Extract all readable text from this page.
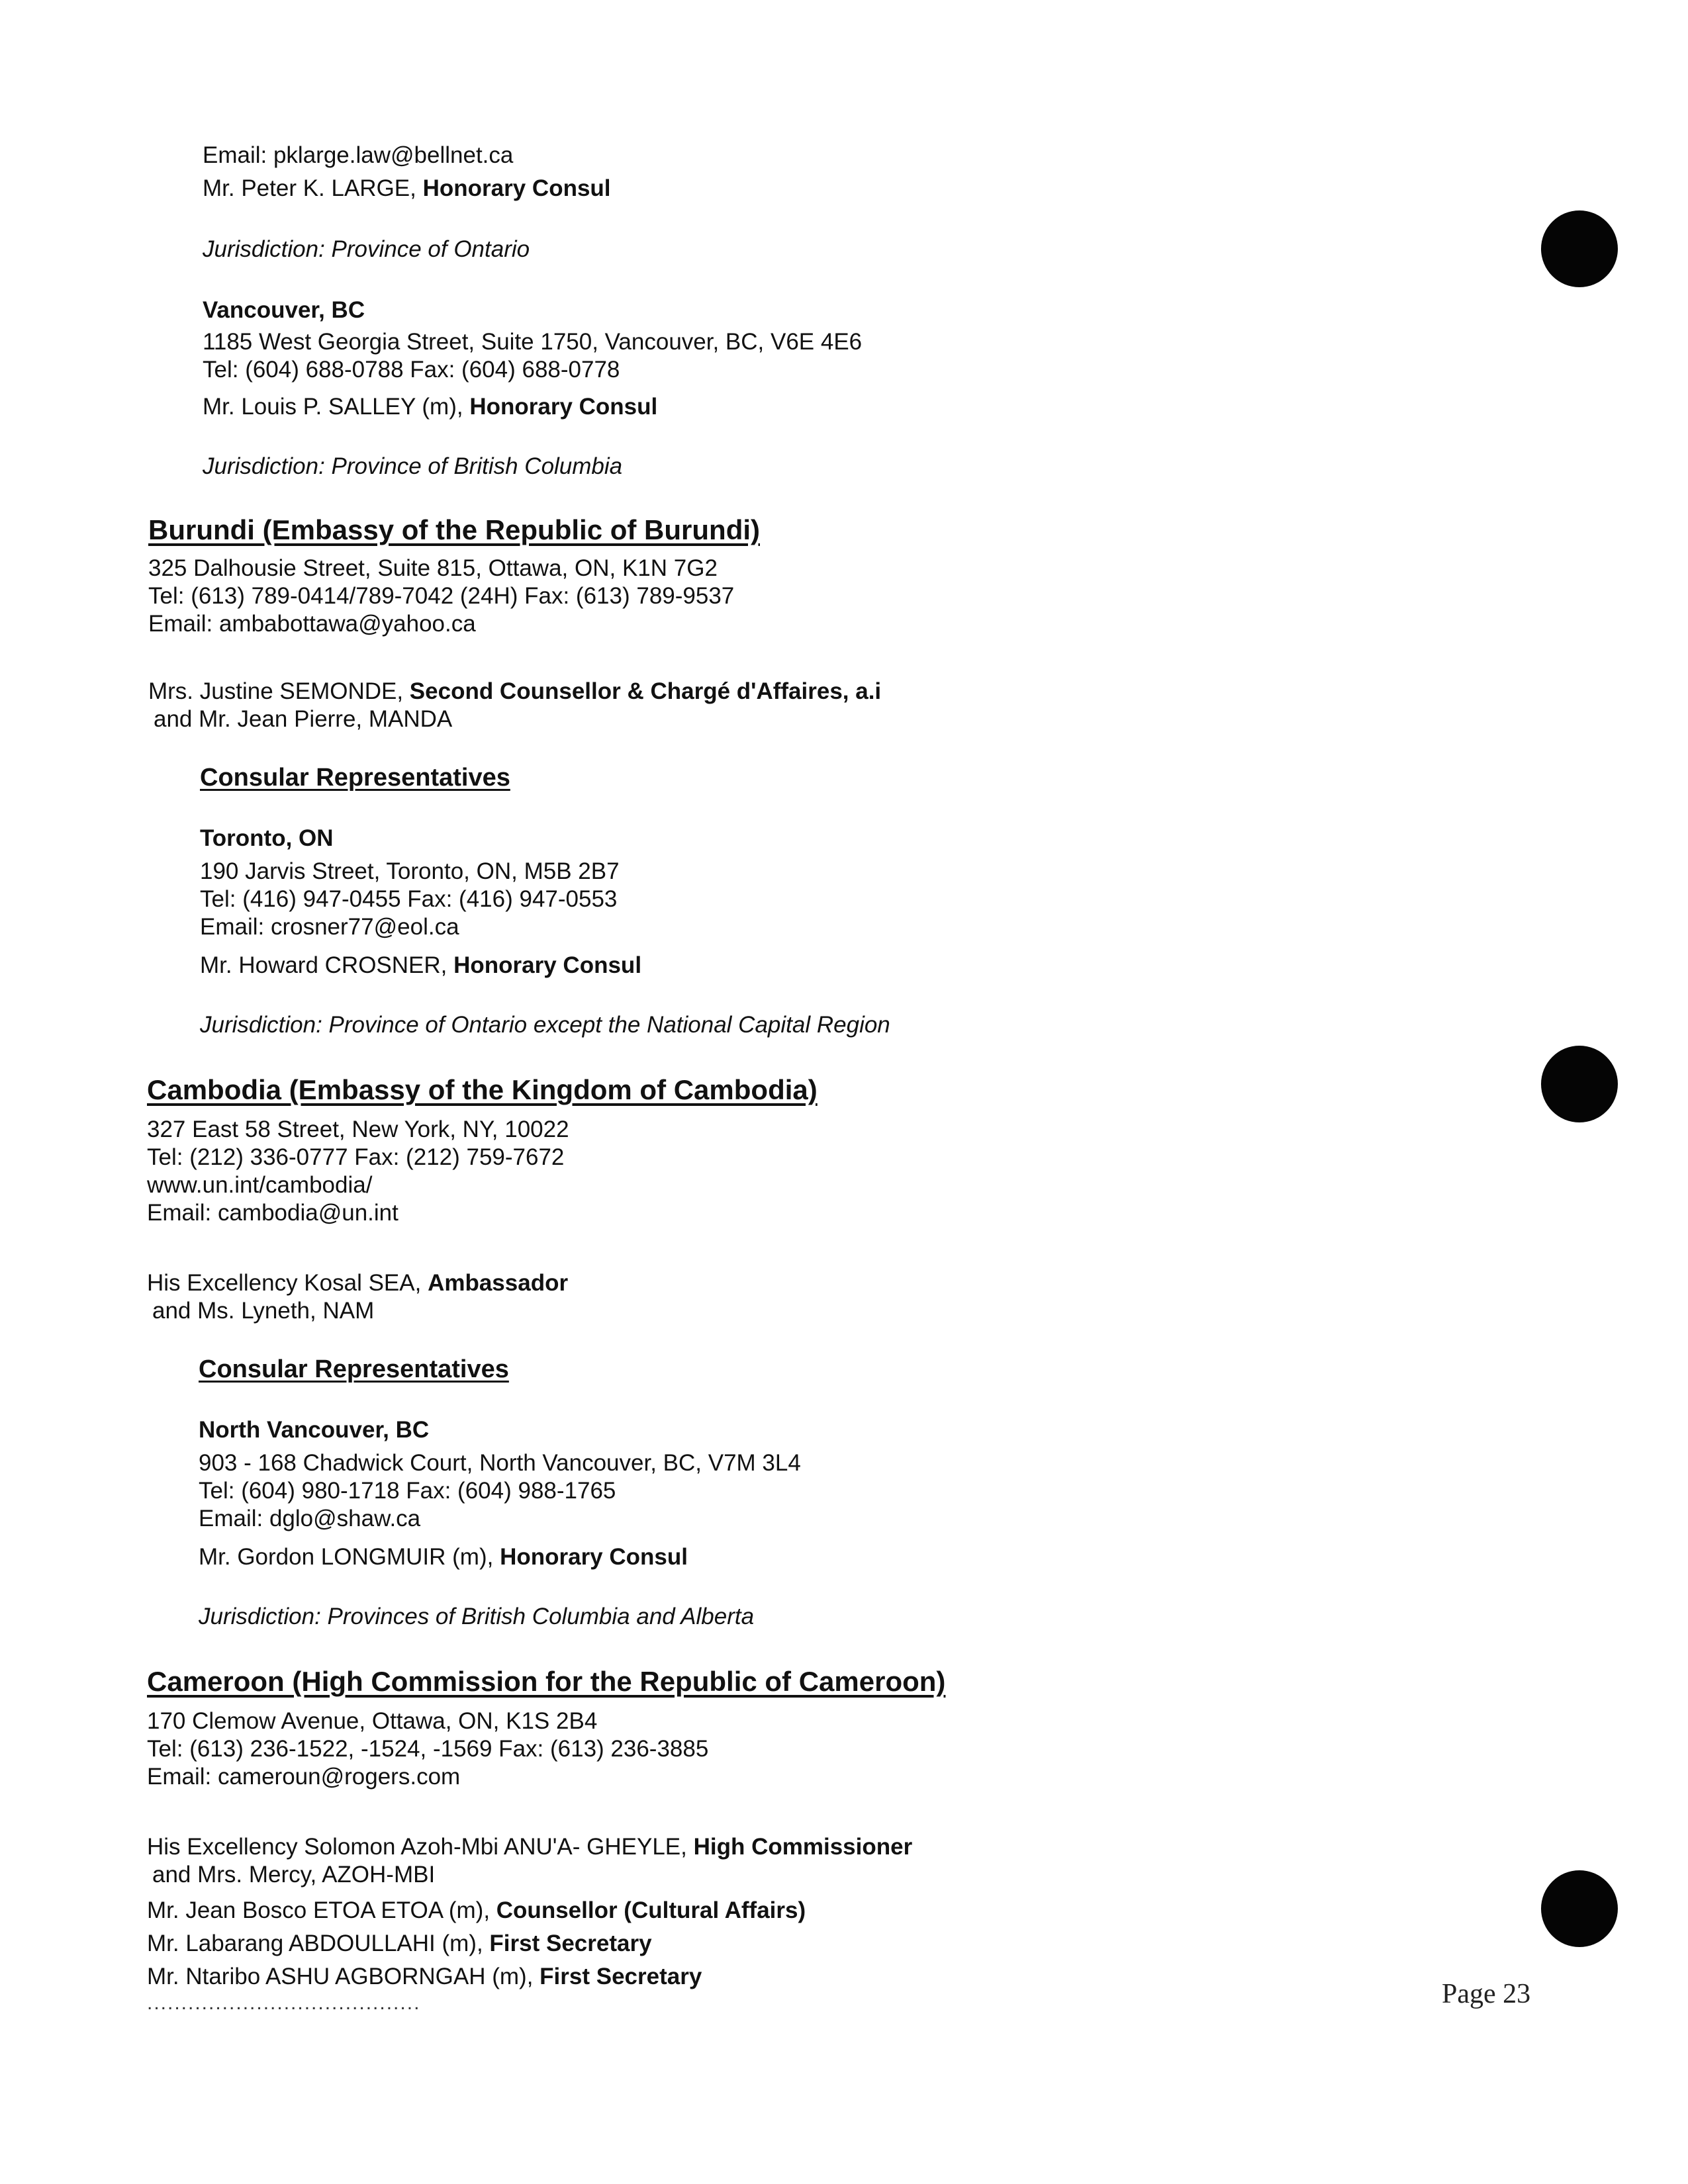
Email: pklarge.law@bellnet.ca
Mr. Peter K. LARGE, Honorary Consul
Jurisdiction: Province of Ontario
Vancouver, BC
1185 West Georgia Street, Suite 1750, Vancouver, BC, V6E 4E6
Tel: (604) 688-0788 Fax: (604) 688-0778
Mr. Louis P. SALLEY (m), Honorary Consul
Jurisdiction: Province of British Columbia
Burundi (Embassy of the Republic of Burundi)
325 Dalhousie Street, Suite 815, Ottawa, ON, K1N 7G2
Tel: (613) 789-0414/789-7042 (24H) Fax: (613) 789-9537
Email: ambabottawa@yahoo.ca
Mrs. Justine SEMONDE, Second Counsellor & Chargé d'Affaires, a.i
and Mr. Jean Pierre, MANDA
Consular Representatives
Toronto, ON
190 Jarvis Street, Toronto, ON, M5B 2B7
Tel: (416) 947-0455 Fax: (416) 947-0553
Email: crosner77@eol.ca
Mr. Howard CROSNER, Honorary Consul
Jurisdiction: Province of Ontario except the National Capital Region
Cambodia (Embassy of the Kingdom of Cambodia)
327 East 58 Street, New York, NY, 10022
Tel: (212) 336-0777 Fax: (212) 759-7672
www.un.int/cambodia/
Email: cambodia@un.int
His Excellency Kosal SEA, Ambassador
and Ms. Lyneth, NAM
Consular Representatives
North Vancouver, BC
903 - 168 Chadwick Court, North Vancouver, BC, V7M 3L4
Tel: (604) 980-1718 Fax: (604) 988-1765
Email: dglo@shaw.ca
Mr. Gordon LONGMUIR (m), Honorary Consul
Jurisdiction: Provinces of British Columbia and Alberta
Cameroon (High Commission for the Republic of Cameroon)
170 Clemow Avenue, Ottawa, ON, K1S 2B4
Tel: (613) 236-1522, -1524, -1569 Fax: (613) 236-3885
Email: cameroun@rogers.com
His Excellency Solomon Azoh-Mbi ANU'A- GHEYLE, High Commissioner
and Mrs. Mercy, AZOH-MBI
Mr. Jean Bosco ETOA ETOA (m), Counsellor (Cultural Affairs)
Mr. Labarang ABDOULLAHI (m), First Secretary
Mr. Ntaribo ASHU AGBORNGAH (m), First Secretary
........................................	Page 23
